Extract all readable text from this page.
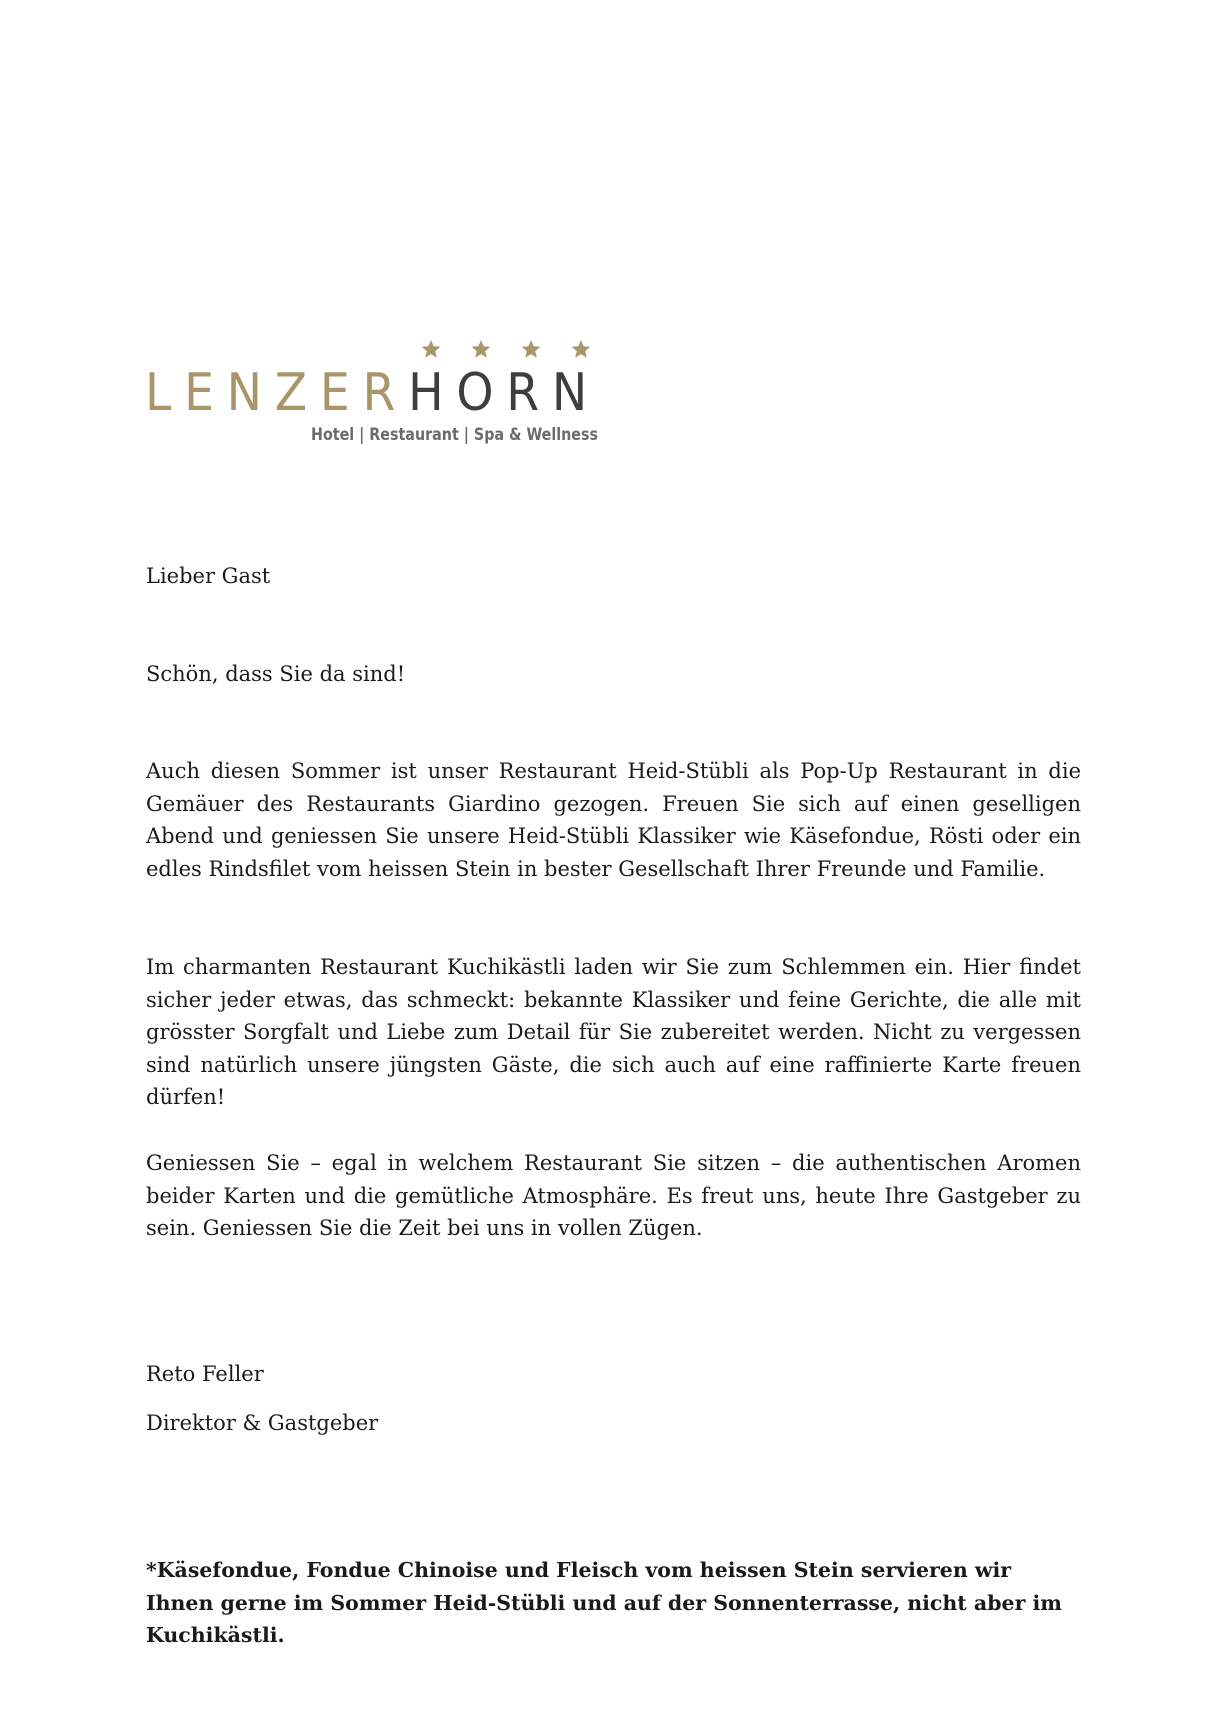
LENZERHORN
Hotel | Restaurant | Spa & Wellness

Lieber Gast

Schön, dass Sie da sind!

Auch diesen Sommer ist unser Restaurant Heid-Stübli als Pop-Up Restaurant in die Gemäuer des Restaurants Giardino gezogen. Freuen Sie sich auf einen geselligen Abend und geniessen Sie unsere Heid-Stübli Klassiker wie Käsefondue, Rösti oder ein edles Rindsfilet vom heissen Stein in bester Gesellschaft Ihrer Freunde und Familie.

Im charmanten Restaurant Kuchikästli laden wir Sie zum Schlemmen ein. Hier findet sicher jeder etwas, das schmeckt: bekannte Klassiker und feine Gerichte, die alle mit grösster Sorgfalt und Liebe zum Detail für Sie zubereitet werden. Nicht zu vergessen sind natürlich unsere jüngsten Gäste, die sich auch auf eine raffinierte Karte freuen dürfen!

Geniessen Sie – egal in welchem Restaurant Sie sitzen – die authentischen Aromen beider Karten und die gemütliche Atmosphäre. Es freut uns, heute Ihre Gastgeber zu sein. Geniessen Sie die Zeit bei uns in vollen Zügen.

Reto Feller

Direktor & Gastgeber

*Käsefondue, Fondue Chinoise und Fleisch vom heissen Stein servieren wir Ihnen gerne im Sommer Heid-Stübli und auf der Sonnenterrasse, nicht aber im Kuchikästli.
